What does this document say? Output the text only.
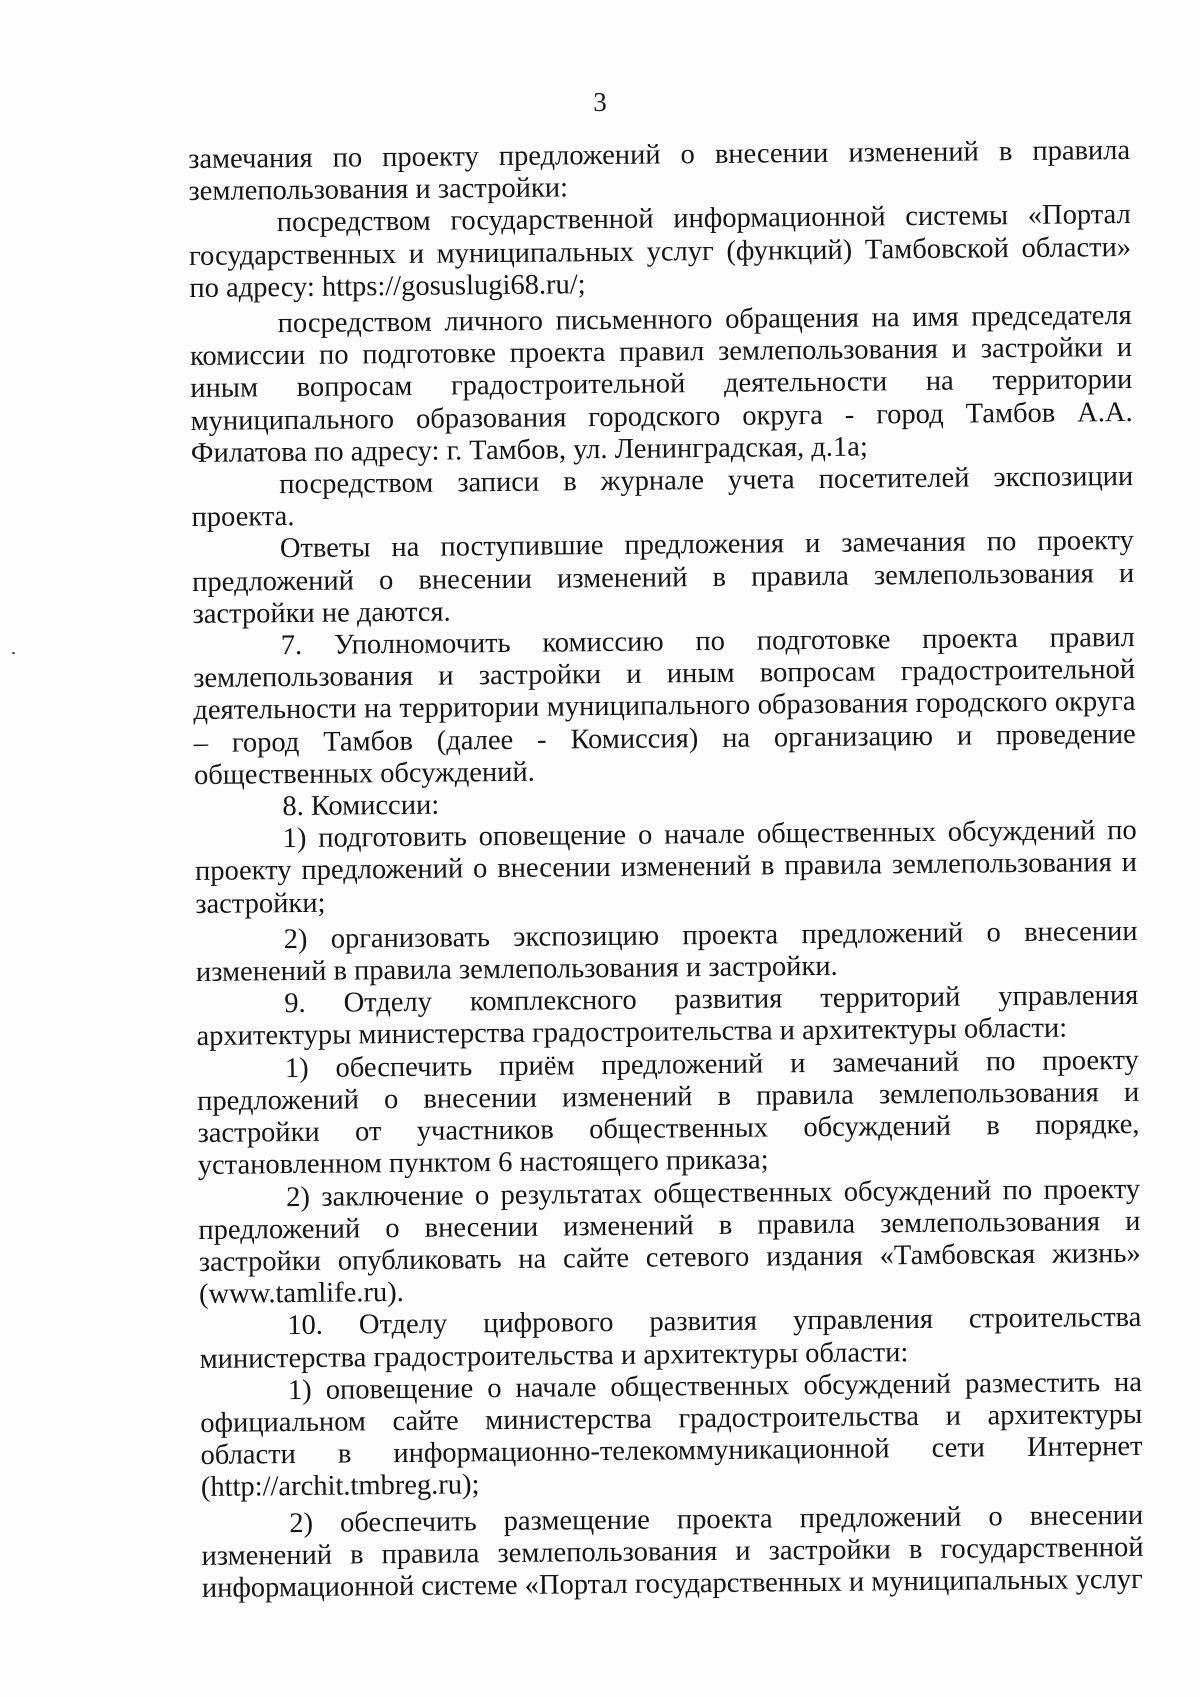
3

замечания по проекту предложений о внесении изменений в правила землепользования и застройки:

посредством государственной информационной системы «Портал государственных и муниципальных услуг (функций) Тамбовской области» по адресу: https://gosuslugi68.ru/;

посредством личного письменного обращения на имя председателя комиссии по подготовке проекта правил землепользования и застройки и иным вопросам градостроительной деятельности на территории муниципального образования городского округа - город Тамбов А.А. Филатова по адресу: г. Тамбов, ул. Ленинградская, д.1а;

посредством записи в журнале учета посетителей экспозиции проекта.

Ответы на поступившие предложения и замечания по проекту предложений о внесении изменений в правила землепользования и застройки не даются.

7. Уполномочить комиссию по подготовке проекта правил землепользования и застройки и иным вопросам градостроительной деятельности на территории муниципального образования городского округа – город Тамбов (далее - Комиссия) на организацию и проведение общественных обсуждений.

8. Комиссии:

1) подготовить оповещение о начале общественных обсуждений по проекту предложений о внесении изменений в правила землепользования и застройки;

2) организовать экспозицию проекта предложений о внесении изменений в правила землепользования и застройки.

9. Отделу комплексного развития территорий управления архитектуры министерства градостроительства и архитектуры области:

1) обеспечить приём предложений и замечаний по проекту предложений о внесении изменений в правила землепользования и застройки от участников общественных обсуждений в порядке, установленном пунктом 6 настоящего приказа;

2) заключение о результатах общественных обсуждений по проекту предложений о внесении изменений в правила землепользования и застройки опубликовать на сайте сетевого издания «Тамбовская жизнь» (www.tamlife.ru).

10. Отделу цифрового развития управления строительства министерства градостроительства и архитектуры области:

1) оповещение о начале общественных обсуждений разместить на официальном сайте министерства градостроительства и архитектуры области в информационно-телекоммуникационной сети Интернет (http://archit.tmbreg.ru);

2) обеспечить размещение проекта предложений о внесении изменений в правила землепользования и застройки в государственной информационной системе «Портал государственных и муниципальных услуг
